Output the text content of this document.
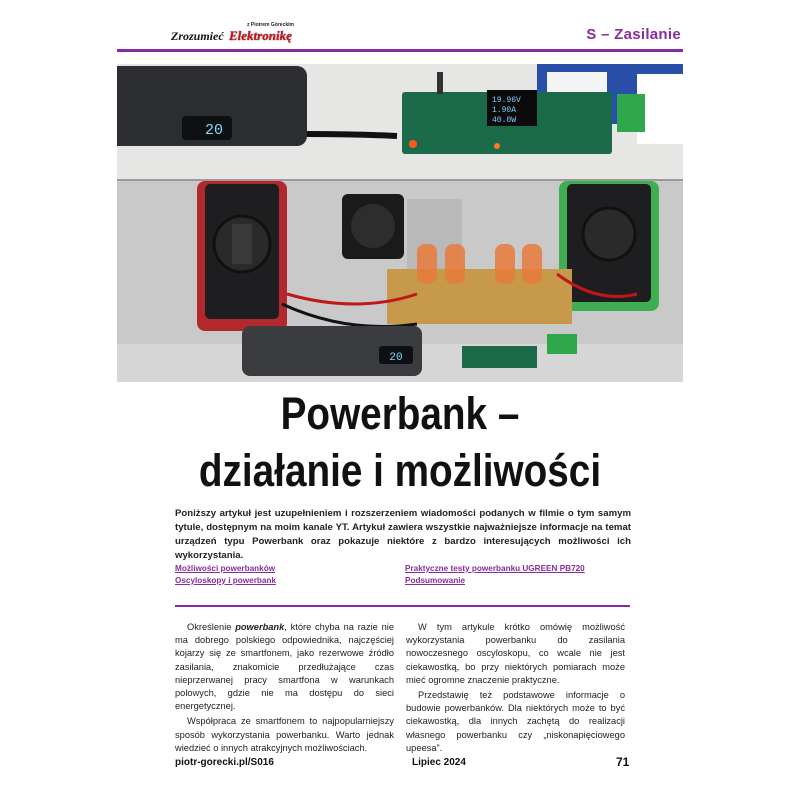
z Piotrem Góreckim
Zrozumieć Elektronikę	S – Zasilanie
20
19.96V
1.90A
40.0W
20
Powerbank –
działanie i możliwości
Poniższy artykuł jest uzupełnieniem i rozszerzeniem wiadomości podanych w filmie o tym samym tytule, dostępnym na moim kanale YT. Artykuł zawiera wszystkie najważniejsze informacje na temat urządzeń typu Powerbank oraz pokazuje niektóre z bardzo interesujących możliwości ich wykorzystania.
Możliwości powerbanków
Oscyloskopy i powerbank
Praktyczne testy powerbanku UGREEN PB720
Podsumowanie

Określenie powerbank, które chyba na razie nie ma dobrego polskiego odpowiednika, najczęściej kojarzy się ze smartfonem, jako rezerwowe źródło zasilania, znakomicie przedłużające czas nieprzerwanej pracy smartfona w warunkach polowych, gdzie nie ma dostępu do sieci energetycznej.

Współpraca ze smartfonem to najpopularniejszy sposób wykorzystania powerbanku. Warto jednak wiedzieć o innych atrakcyjnych możliwościach.

W tym artykule krótko omówię możliwość wykorzystania powerbanku do zasilania nowoczesnego oscyloskopu, co wcale nie jest ciekawostką, bo przy niektórych pomiarach może mieć ogromne znaczenie praktyczne.

Przedstawię też podstawowe informacje o budowie powerbanków. Dla niektórych może to być ciekawostką, dla innych zachętą do realizacji własnego powerbanku czy „niskonapięciowego upeesa”.

piotr-gorecki.pl/S016	Lipiec 2024	71
